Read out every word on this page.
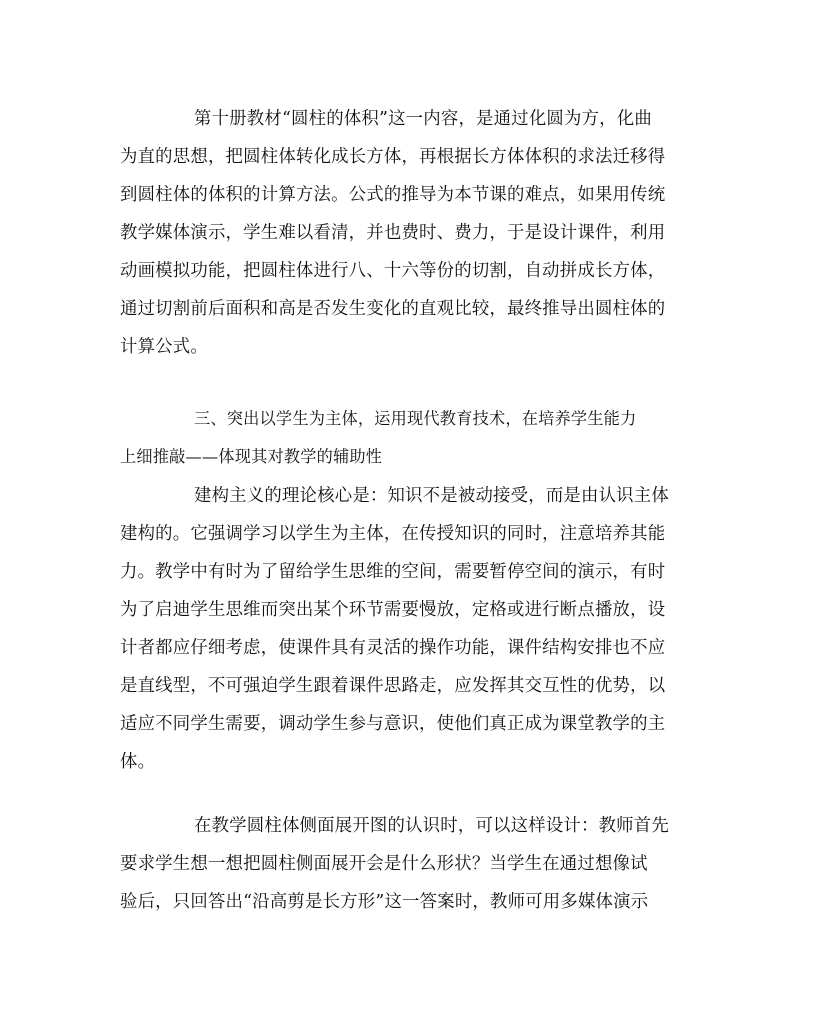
第十册教材“圆柱的体积”这一内容，是通过化圆为方，化曲
为直的思想，把圆柱体转化成长方体，再根据长方体体积的求法迁移得
到圆柱体的体积的计算方法。公式的推导为本节课的难点，如果用传统
教学媒体演示，学生难以看清，并也费时、费力，于是设计课件，利用
动画模拟功能，把圆柱体进行八、十六等份的切割，自动拼成长方体，
通过切割前后面积和高是否发生变化的直观比较，最终推导出圆柱体的
计算公式。
三、突出以学生为主体，运用现代教育技术，在培养学生能力
上细推敲——体现其对教学的辅助性
建构主义的理论核心是：知识不是被动接受，而是由认识主体
建构的。它强调学习以学生为主体，在传授知识的同时，注意培养其能
力。教学中有时为了留给学生思维的空间，需要暂停空间的演示，有时
为了启迪学生思维而突出某个环节需要慢放，定格或进行断点播放，设
计者都应仔细考虑，使课件具有灵活的操作功能，课件结构安排也不应
是直线型，不可强迫学生跟着课件思路走，应发挥其交互性的优势，以
适应不同学生需要，调动学生参与意识，使他们真正成为课堂教学的主
体。
在教学圆柱体侧面展开图的认识时，可以这样设计：教师首先
要求学生想一想把圆柱侧面展开会是什么形状？当学生在通过想像试
验后，只回答出“沿高剪是长方形”这一答案时，教师可用多媒体演示
